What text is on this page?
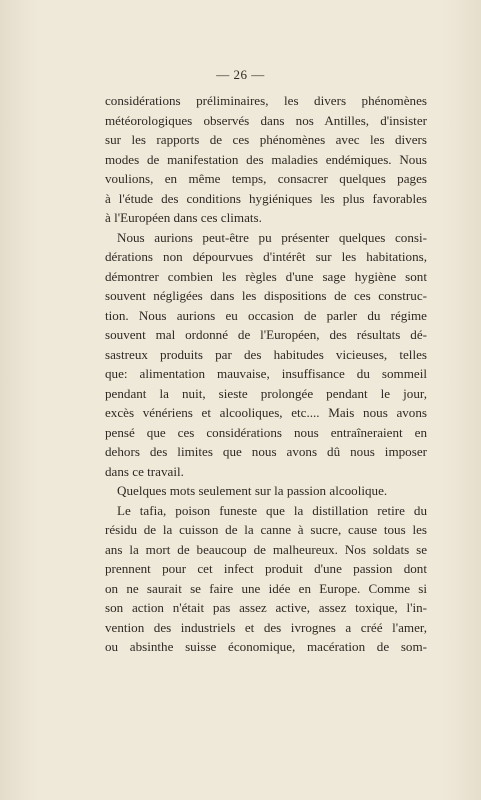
— 26 —
considérations préliminaires, les divers phénomènes
météorologiques observés dans nos Antilles, d'insister
sur les rapports de ces phénomènes avec les divers
modes de manifestation des maladies endémiques. Nous
voulions, en même temps, consacrer quelques pages
à l'étude des conditions hygiéniques les plus favorables
à l'Européen dans ces climats.
Nous aurions peut-être pu présenter quelques consi-
dérations non dépourvues d'intérêt sur les habitations,
démontrer combien les règles d'une sage hygiène sont
souvent négligées dans les dispositions de ces construc-
tion. Nous aurions eu occasion de parler du régime
souvent mal ordonné de l'Européen, des résultats dé-
sastreux produits par des habitudes vicieuses, telles
que: alimentation mauvaise, insuffisance du sommeil
pendant la nuit, sieste prolongée pendant le jour,
excès vénériens et alcooliques, etc.... Mais nous avons
pensé que ces considérations nous entraîneraient en
dehors des limites que nous avons dû nous imposer
dans ce travail.
Quelques mots seulement sur la passion alcoolique.
Le tafia, poison funeste que la distillation retire du
résidu de la cuisson de la canne à sucre, cause tous les
ans la mort de beaucoup de malheureux. Nos soldats se
prennent pour cet infect produit d'une passion dont
on ne saurait se faire une idée en Europe. Comme si
son action n'était pas assez active, assez toxique, l'in-
vention des industriels et des ivrognes a créé l'amer,
ou absinthe suisse économique, macération de som-
